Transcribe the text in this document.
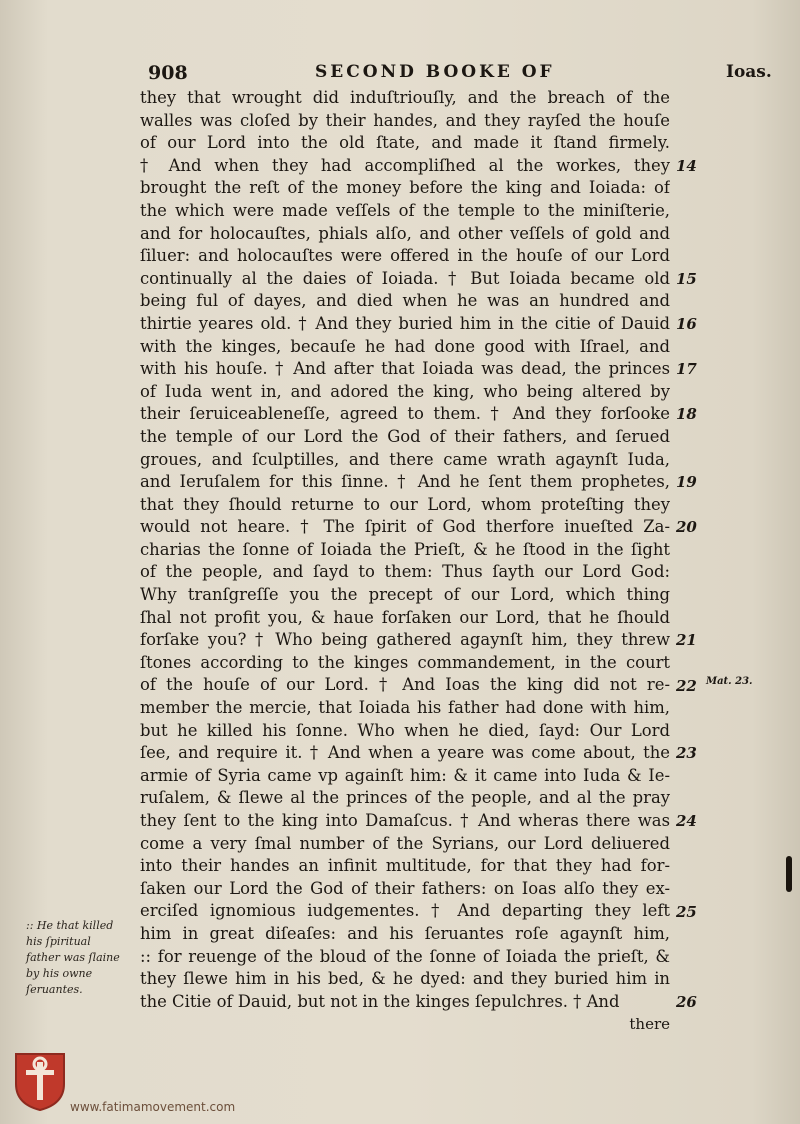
908	SECOND BOOKE OF	Ioas.
they that wrought did induſtriouſly, and the breach of the
walles was cloſed by their handes, and they rayſed the houſe
of our Lord into the old ſtate, and made it ſtand firmely.
† And when they had accompliſhed al the workes, they
brought the reſt of the money before the king and Ioiada: of
the which were made veſſels of the temple to the miniſterie,
and for holocauſtes, phials alſo, and other veſſels of gold and
ſiluer: and holocauſtes were offered in the houſe of our Lord
continually al the daies of Ioiada. † But Ioiada became old
being ful of dayes, and died when he was an hundred and
thirtie yeares old. † And they buried him in the citie of Dauid
with the kinges, becauſe he had done good with Iſrael, and
with his houſe. † And after that Ioiada was dead, the princes
of Iuda went in, and adored the king, who being altered by
their ſeruiceableneſſe, agreed to them. † And they forſooke
the temple of our Lord the God of their fathers, and ſerued
groues, and ſculptilles, and there came wrath agaynſt Iuda,
and Ieruſalem for this ſinne. † And he ſent them prophetes,
that they ſhould returne to our Lord, whom proteſting they
would not heare. † The ſpirit of God therfore inueſted Za-
charias the ſonne of Ioiada the Prieſt, & he ſtood in the ſight
of the people, and ſayd to them: Thus ſayth our Lord God:
Why tranſgreſſe you the precept of our Lord, which thing
ſhal not profit you, & haue forſaken our Lord, that he ſhould
forſake you? † Who being gathered agaynſt him, they threw
ſtones according to the kinges commandement, in the court
of the houſe of our Lord. † And Ioas the king did not re-
member the mercie, that Ioiada his father had done with him,
but he killed his ſonne. Who when he died, ſayd: Our Lord
ſee, and require it. † And when a yeare was come about, the
armie of Syria came vp againſt him: & it came into Iuda & Ie-
ruſalem, & ſlewe al the princes of the people, and al the pray
they ſent to the king into Damaſcus. † And wheras there was
come a very ſmal number of the Syrians, our Lord deliuered
into their handes an infinit multitude, for that they had for-
ſaken our Lord the God of their fathers: on Ioas alſo they ex-
erciſed ignomious iudgementes. † And departing they left
him in great diſeaſes: and his ſeruantes roſe agaynſt him,
:: for reuenge of the bloud of the ſonne of Ioiada the prieſt, &
they ſlewe him in his bed, & he dyed: and they buried him in
the Citie of Dauid, but not in the kinges ſepulchres. † And
there
14
15
16
17
18
19
20
21
22
23
24
25
26
Mat. 23.
:: He that killed his ſpiritual father was ſlaine by his owne ſeruantes.
www.fatimamovement.com
